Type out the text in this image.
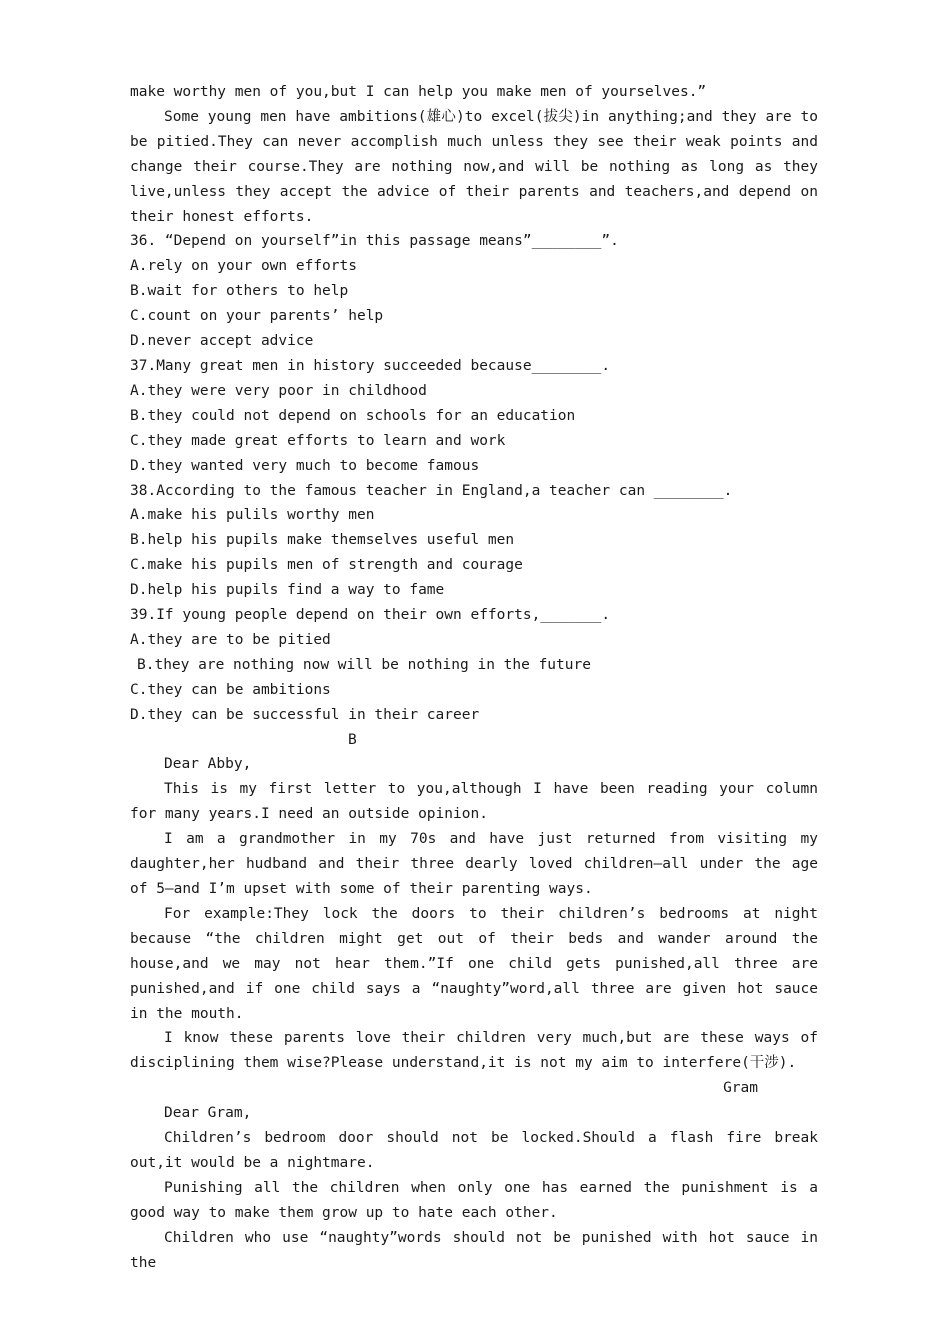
make worthy men of you,but I can help you make men of yourselves.”

Some young men have ambitions(雄心)to excel(拔尖)in anything;and they are to be pitied.They can never accomplish much unless they see their weak points and change their course.They are nothing now,and will be nothing as long as they live,unless they accept the advice of their parents and teachers,and depend on their honest efforts.

36. “Depend on yourself”in this passage means”________”.

A.rely on your own efforts

B.wait for others to help

C.count on your parents’ help

D.never accept advice

37.Many great men in history succeeded because________.

A.they were very poor in childhood

B.they could not depend on schools for an education

C.they made great efforts to learn and work

D.they wanted very much to become famous

38.According to the famous teacher in England,a teacher can ________.

A.make his pulils worthy men

B.help his pupils make themselves useful men

C.make his pupils men of strength and courage

D.help his pupils find a way to fame

39.If young people depend on their own efforts,_______.

A.they are to be pitied

B.they are nothing now will be nothing in the future

C.they can be ambitions

D.they can be successful in their career

B

Dear Abby,

This is my first letter to you,although I have been reading your column for many years.I need an outside opinion.

I am a grandmother in my 70s and have just returned from visiting my daughter,her hudband and their three dearly loved children—all under the age of 5—and I’m upset with some of their parenting ways.

For example:They lock the doors to their children’s bedrooms at night because “the children might get out of their beds and wander around the house,and we may not hear them.”If one child gets punished,all three are punished,and if one child says a “naughty”word,all three are given hot sauce in the mouth.

I know these parents love their children very much,but are these ways of disciplining them wise?Please understand,it is not my aim to interfere(干涉).

Gram

Dear Gram,

Children’s bedroom door should not be locked.Should a flash fire break out,it would be a nightmare.

Punishing all the children when only one has earned the punishment is a good way to make them grow up to hate each other.

Children who use “naughty”words should not be punished with hot sauce in the
